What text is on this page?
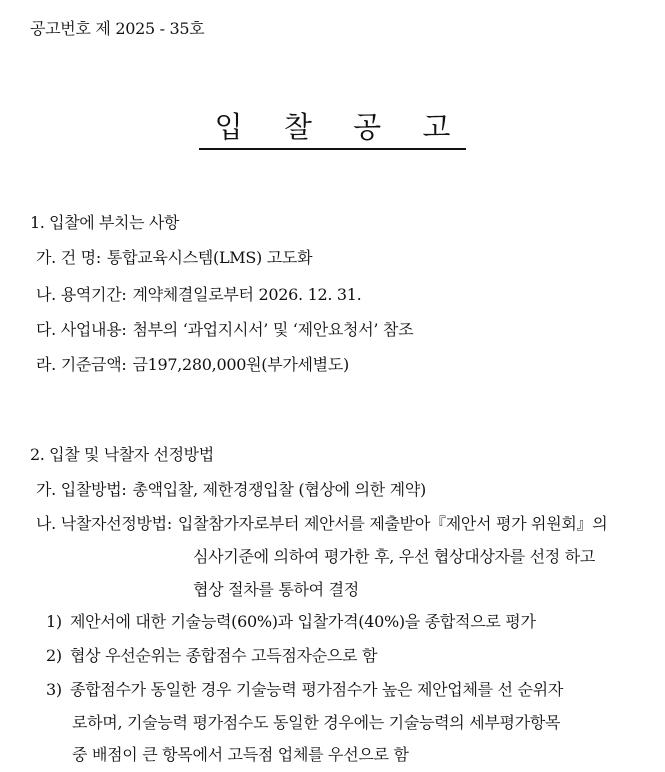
공고번호 제 2025 - 35호
입 찰 공 고
1. 입찰에 부치는 사항
가. 건 명: 통합교육시스템(LMS) 고도화
나. 용역기간: 계약체결일로부터 2026. 12. 31.
다. 사업내용: 첨부의 ‘과업지시서’ 및 ‘제안요청서’ 참조
라. 기준금액: 금197,280,000원(부가세별도)
2. 입찰 및 낙찰자 선정방법
가. 입찰방법: 총액입찰, 제한경쟁입찰 (협상에 의한 계약)
나. 낙찰자선정방법: 입찰참가자로부터 제안서를 제출받아『제안서 평가 위원회』의
심사기준에 의하여 평가한 후, 우선 협상대상자를 선정 하고
협상 절차를 통하여 결정
1) 제안서에 대한 기술능력(60%)과 입찰가격(40%)을 종합적으로 평가
2) 협상 우선순위는 종합점수 고득점자순으로 함
3) 종합점수가 동일한 경우 기술능력 평가점수가 높은 제안업체를 선 순위자
로하며, 기술능력 평가점수도 동일한 경우에는 기술능력의 세부평가항목
중 배점이 큰 항목에서 고득점 업체를 우선으로 함
